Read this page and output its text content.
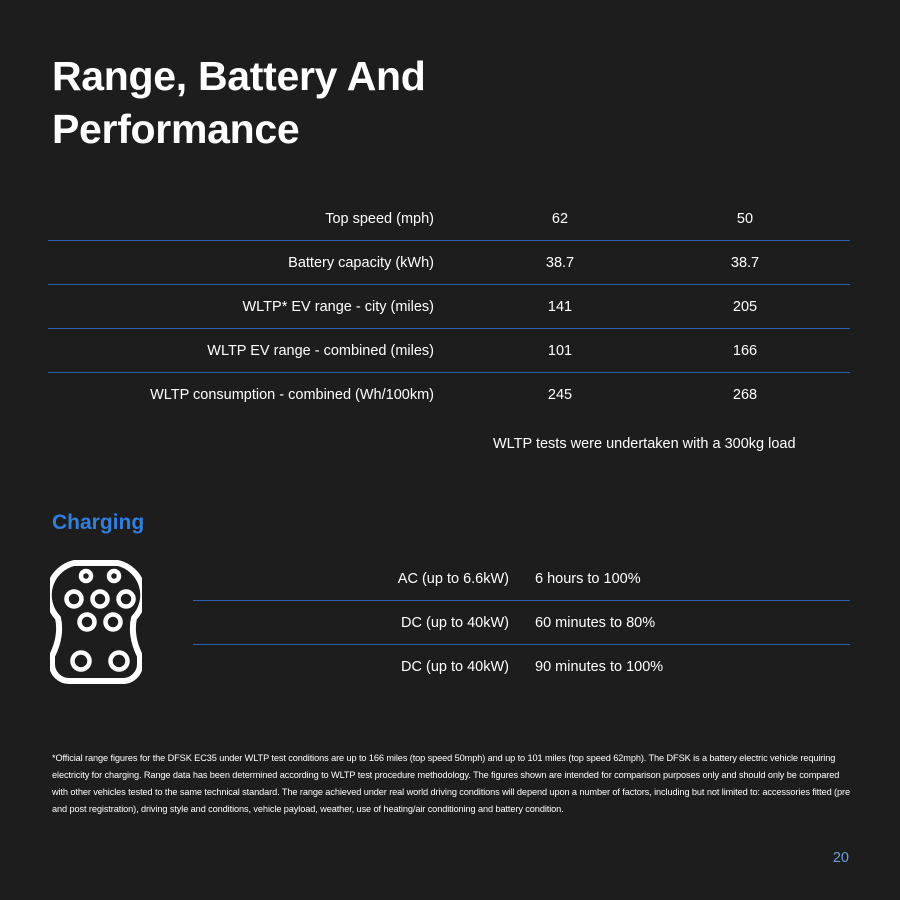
Range, Battery And Performance
Top speed (mph)	62	50
Battery capacity (kWh)	38.7	38.7
WLTP* EV range - city (miles)	141	205
WLTP EV range - combined (miles)	101	166
WLTP consumption - combined (Wh/100km)	245	268
WLTP tests were undertaken with a 300kg load
Charging
AC (up to 6.6kW) 6 hours to 100%
DC (up to 40kW) 60 minutes to 80%
DC (up to 40kW) 90 minutes to 100%

*Official range figures for the DFSK EC35 under WLTP test conditions are up to 166 miles (top speed 50mph) and up to 101 miles (top speed 62mph). The DFSK is a battery electric vehicle requiring electricity for charging. Range data has been determined according to WLTP test procedure methodology. The figures shown are intended for comparison purposes only and should only be compared with other vehicles tested to the same technical standard. The range achieved under real world driving conditions will depend upon a number of factors, including but not limited to: accessories fitted (pre and post registration), driving style and conditions, vehicle payload, weather, use of heating/air conditioning and battery condition.

20
